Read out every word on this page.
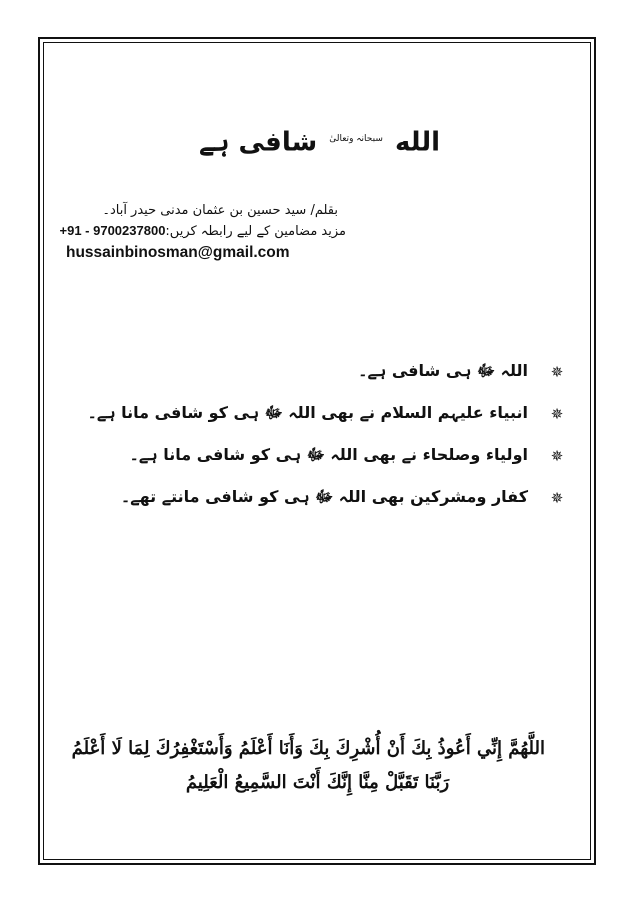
الله $^{سبحانہ وتعالیٰ}$ شافی ہے
بقلم/ سید حسین بن عثمان مدنی حیدر آباد۔
مزید مضامین کے لیے رابطہ کریں:+91 - 9700237800
hussainbinosman@gmail.com
✵
اللہ ﷻ ہی شافی ہے۔
✵
انبیاء علیہم السلام نے بھی اللہ ﷻ ہی کو شافی مانا ہے۔
✵
اولیاء وصلحاء نے بھی اللہ ﷻ ہی کو شافی مانا ہے۔
✵
کفار ومشرکین بھی اللہ ﷻ ہی کو شافی مانتے تھے۔
اللَّهُمَّ إِنِّي أَعُوذُ بِكَ أَنْ أُشْرِكَ بِكَ وَأَنَا أَعْلَمُ وَأَسْتَغْفِرُكَ لِمَا لَا أَعْلَمُ
رَبَّنَا تَقَبَّلْ مِنَّا إِنَّكَ أَنْتَ السَّمِيعُ الْعَلِيمُ
